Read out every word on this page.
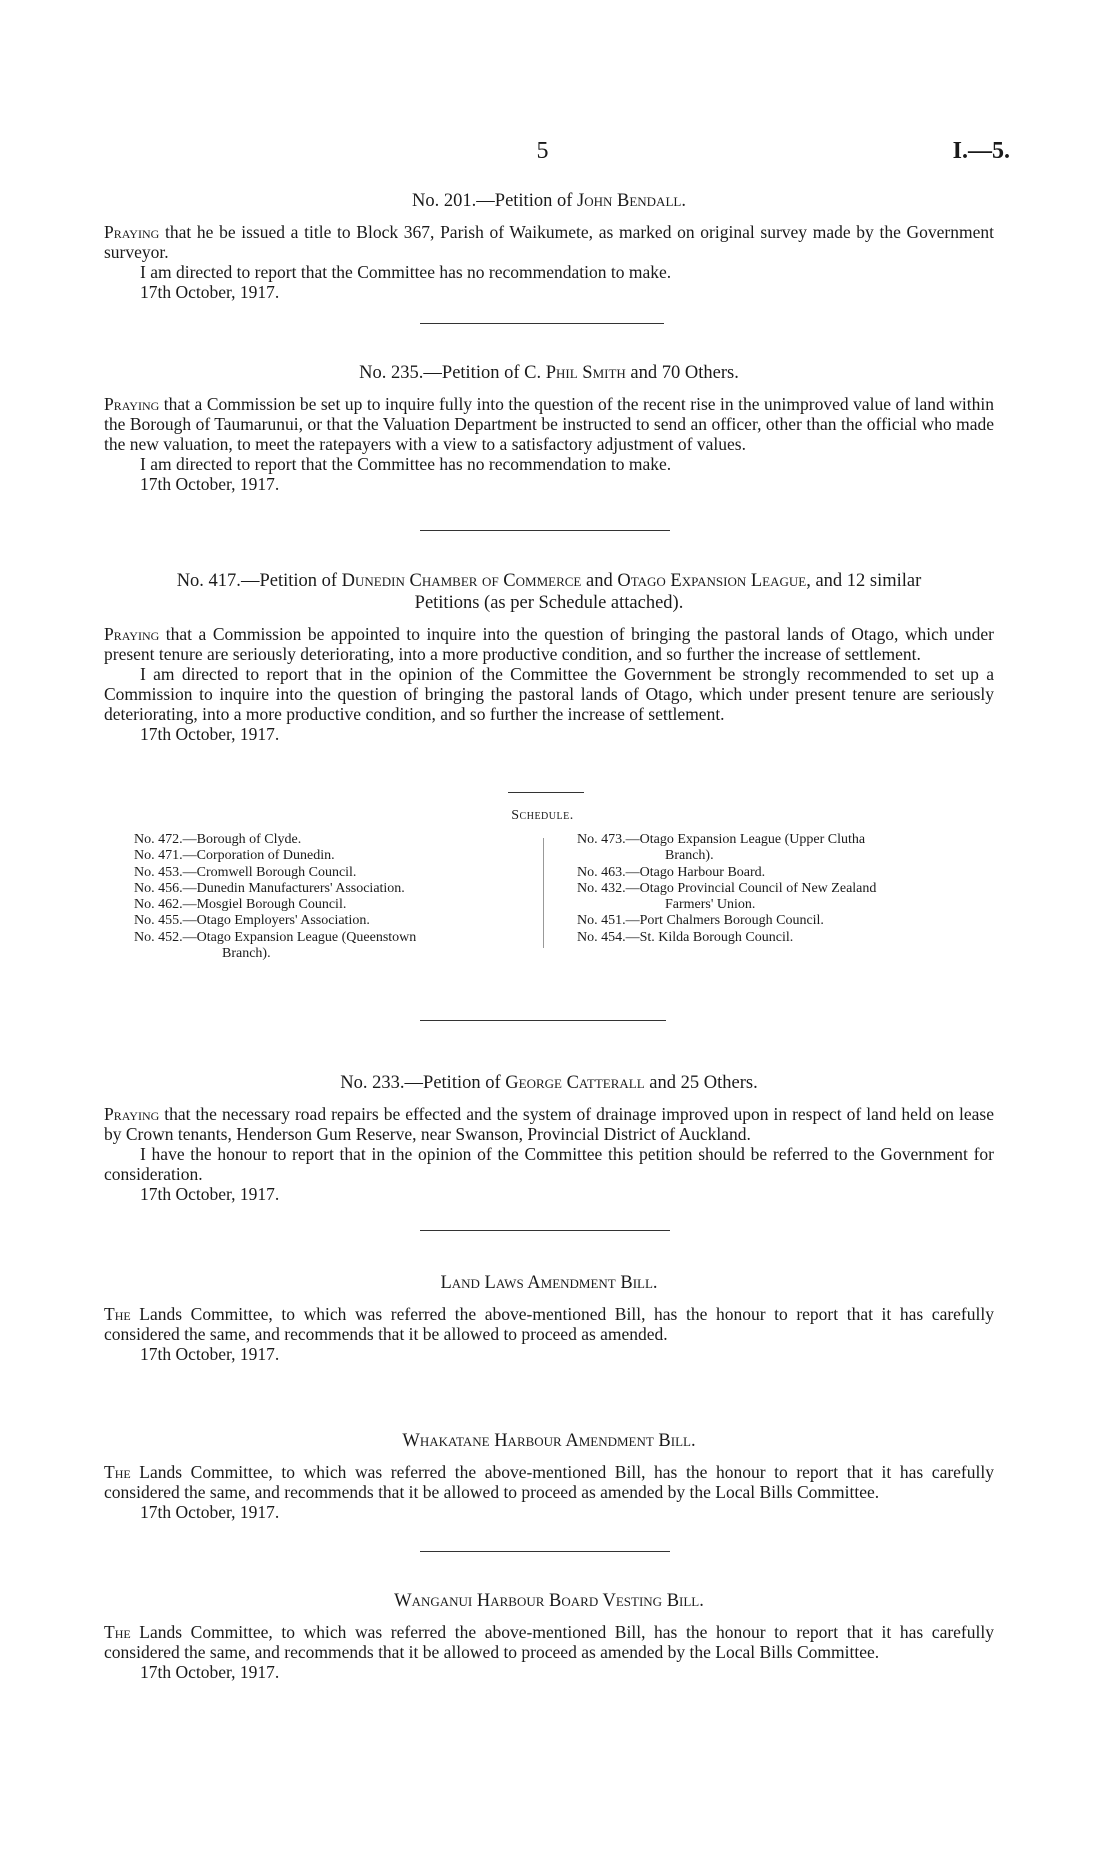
5	I.—5.
No. 201.—Petition of John Bendall.

Praying that he be issued a title to Block 367, Parish of Waikumete, as marked on original survey made by the Government surveyor.

I am directed to report that the Committee has no recommendation to make.

17th October, 1917.
No. 235.—Petition of C. Phil Smith and 70 Others.

Praying that a Commission be set up to inquire fully into the question of the recent rise in the unimproved value of land within the Borough of Taumarunui, or that the Valuation Department be instructed to send an officer, other than the official who made the new valuation, to meet the ratepayers with a view to a satisfactory adjustment of values.

I am directed to report that the Committee has no recommendation to make.

17th October, 1917.
No. 417.—Petition of Dunedin Chamber of Commerce and Otago Expansion League, and 12 similar Petitions (as per Schedule attached).

Praying that a Commission be appointed to inquire into the question of bringing the pastoral lands of Otago, which under present tenure are seriously deteriorating, into a more productive condition, and so further the increase of settlement.

I am directed to report that in the opinion of the Committee the Government be strongly recommended to set up a Commission to inquire into the question of bringing the pastoral lands of Otago, which under present tenure are seriously deteriorating, into a more productive condition, and so further the increase of settlement.

17th October, 1917.
Schedule.
No. 472.—Borough of Clyde.
No. 471.—Corporation of Dunedin.
No. 453.—Cromwell Borough Council.
No. 456.—Dunedin Manufacturers' Association.
No. 462.—Mosgiel Borough Council.
No. 455.—Otago Employers' Association.
No. 452.—Otago Expansion League (Queenstown
Branch).
No. 473.—Otago Expansion League (Upper Clutha
Branch).
No. 463.—Otago Harbour Board.
No. 432.—Otago Provincial Council of New Zealand
Farmers' Union.
No. 451.—Port Chalmers Borough Council.
No. 454.—St. Kilda Borough Council.
No. 233.—Petition of George Catterall and 25 Others.

Praying that the necessary road repairs be effected and the system of drainage improved upon in respect of land held on lease by Crown tenants, Henderson Gum Reserve, near Swanson, Provincial District of Auckland.

I have the honour to report that in the opinion of the Committee this petition should be referred to the Government for consideration.

17th October, 1917.
Land Laws Amendment Bill.

The Lands Committee, to which was referred the above-mentioned Bill, has the honour to report that it has carefully considered the same, and recommends that it be allowed to proceed as amended.

17th October, 1917.
Whakatane Harbour Amendment Bill.

The Lands Committee, to which was referred the above-mentioned Bill, has the honour to report that it has carefully considered the same, and recommends that it be allowed to proceed as amended by the Local Bills Committee.

17th October, 1917.
Wanganui Harbour Board Vesting Bill.

The Lands Committee, to which was referred the above-mentioned Bill, has the honour to report that it has carefully considered the same, and recommends that it be allowed to proceed as amended by the Local Bills Committee.

17th October, 1917.
